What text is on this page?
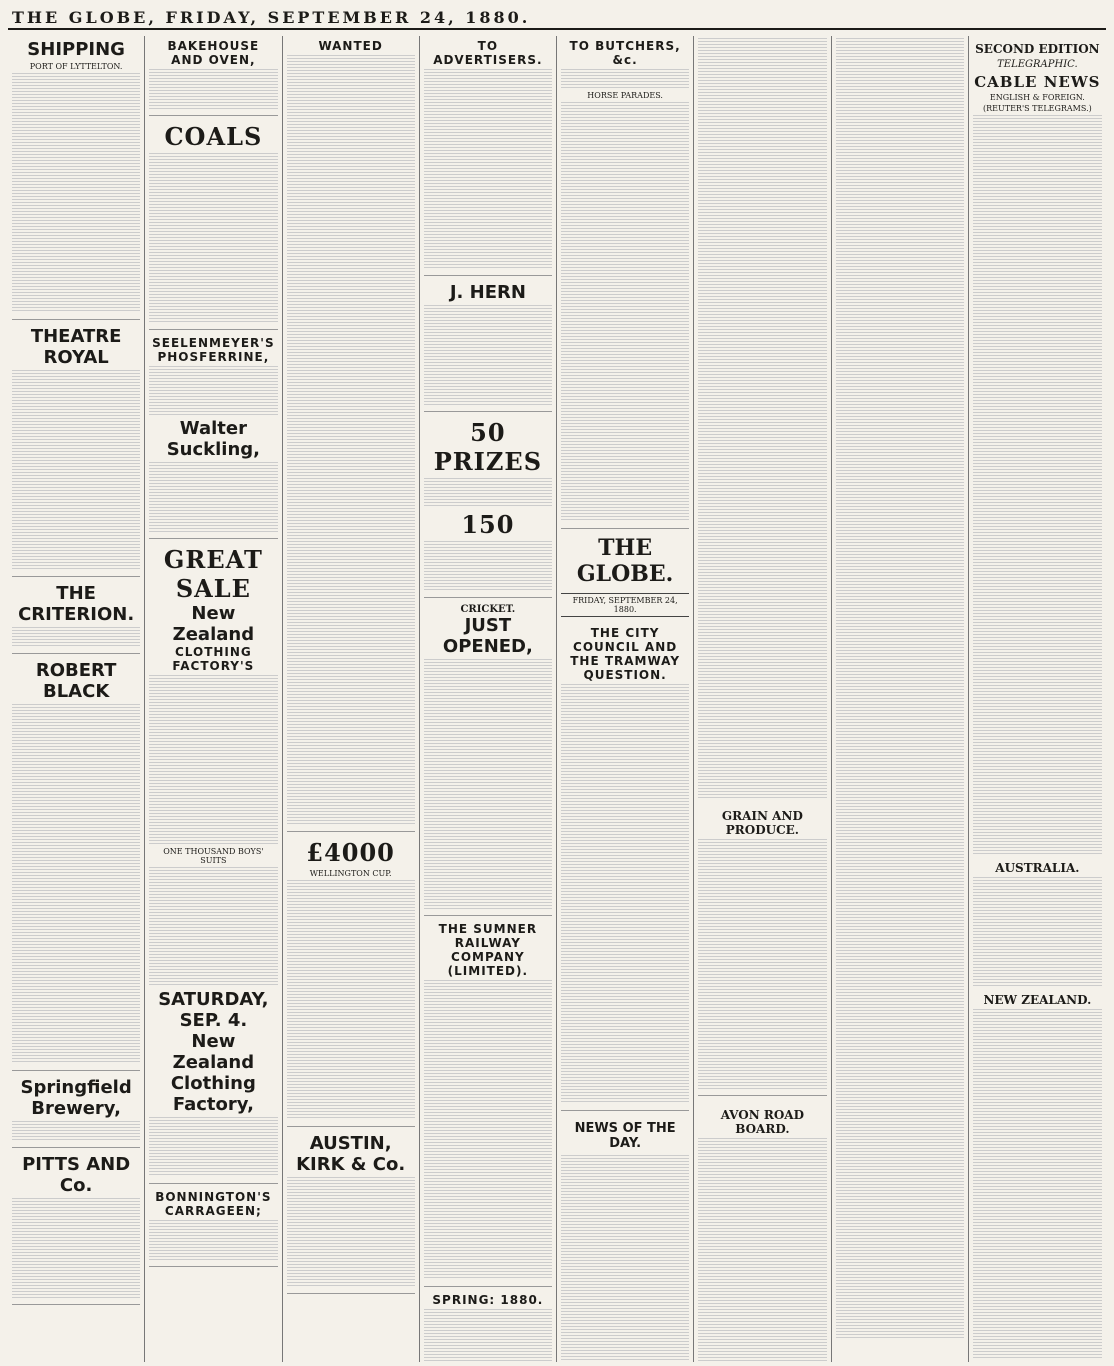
THE GLOBE, FRIDAY, SEPTEMBER 24, 1880.
SHIPPING
PORT OF LYTTELTON.
THEATRE ROYAL
THE CRITERION.
ROBERT BLACK
Springfield Brewery,
PITTS AND Co.
BAKEHOUSE AND OVEN,
COALS
SEELENMEYER'S PHOSFERRINE,
Walter Suckling,
GREAT SALE
New Zealand
CLOTHING FACTORY'S
ONE THOUSAND BOYS' SUITS
SATURDAY, SEP. 4.
New Zealand Clothing Factory,
BONNINGTON'S CARRAGEEN;
WANTED
£4000
WELLINGTON CUP.
AUSTIN, KIRK & Co.
TO ADVERTISERS.
J. HERN
50 PRIZES
150
CRICKET.
JUST OPENED,
THE SUMNER RAILWAY COMPANY (LIMITED).
SPRING: 1880.
TO BUTCHERS, &c.
HORSE PARADES.
THE GLOBE.
FRIDAY, SEPTEMBER 24, 1880.
THE CITY COUNCIL AND THE TRAMWAY QUESTION.
NEWS OF THE DAY.
GRAIN AND PRODUCE.
AVON ROAD BOARD.
SECOND EDITION
TELEGRAPHIC.
CABLE NEWS
ENGLISH & FOREIGN.
(REUTER'S TELEGRAMS.)
AUSTRALIA.
NEW ZEALAND.
